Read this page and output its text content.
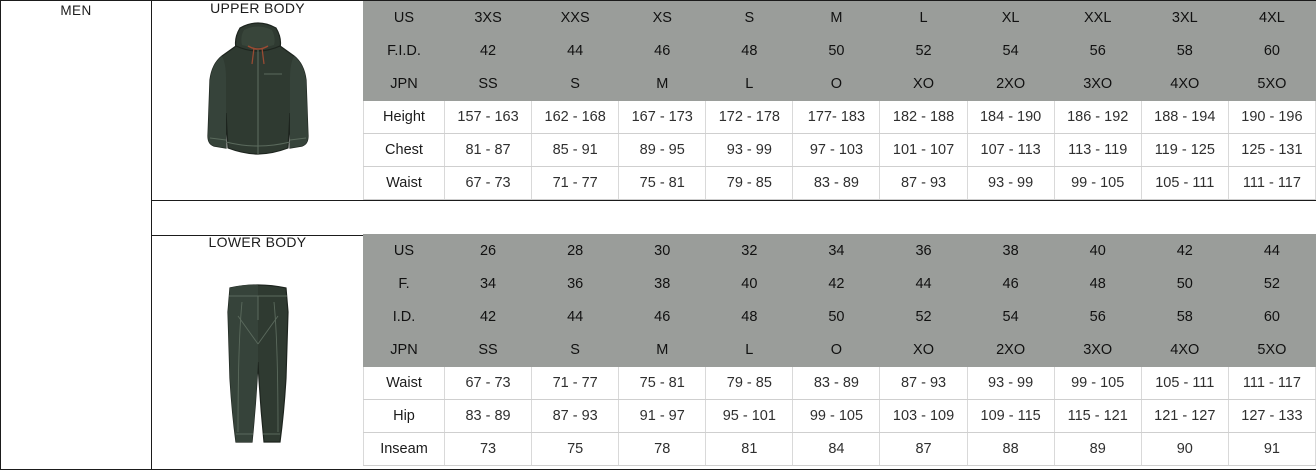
MEN	UPPER BODY
US	3XS	XXS	XS	S	M	L	XL	XXL	3XL	4XL
F.I.D.	42	44	46	48	50	52	54	56	58	60
JPN	SS	S	M	L	O	XO	2XO	3XO	4XO	5XO
Height	157 - 163	162 - 168	167 - 173	172 - 178	177- 183	182 - 188	184 - 190	186 - 192	188 - 194	190 - 196
Chest	81 - 87	85 - 91	89 - 95	93 - 99	97 - 103	101 - 107	107 - 113	113 - 119	119 - 125	125 - 131
Waist	67 - 73	71 - 77	75 - 81	79 - 85	83 - 89	87 - 93	93 - 99	99 - 105	105 - 111	111 - 117
LOWER BODY
US	26	28	30	32	34	36	38	40	42	44
F.	34	36	38	40	42	44	46	48	50	52
I.D.	42	44	46	48	50	52	54	56	58	60
JPN	SS	S	M	L	O	XO	2XO	3XO	4XO	5XO
Waist	67 - 73	71 - 77	75 - 81	79 - 85	83 - 89	87 - 93	93 - 99	99 - 105	105 - 111	111 - 117
Hip	83 - 89	87 - 93	91 - 97	95 - 101	99 - 105	103 - 109	109 - 115	115 - 121	121 - 127	127 - 133
Inseam	73	75	78	81	84	87	88	89	90	91
